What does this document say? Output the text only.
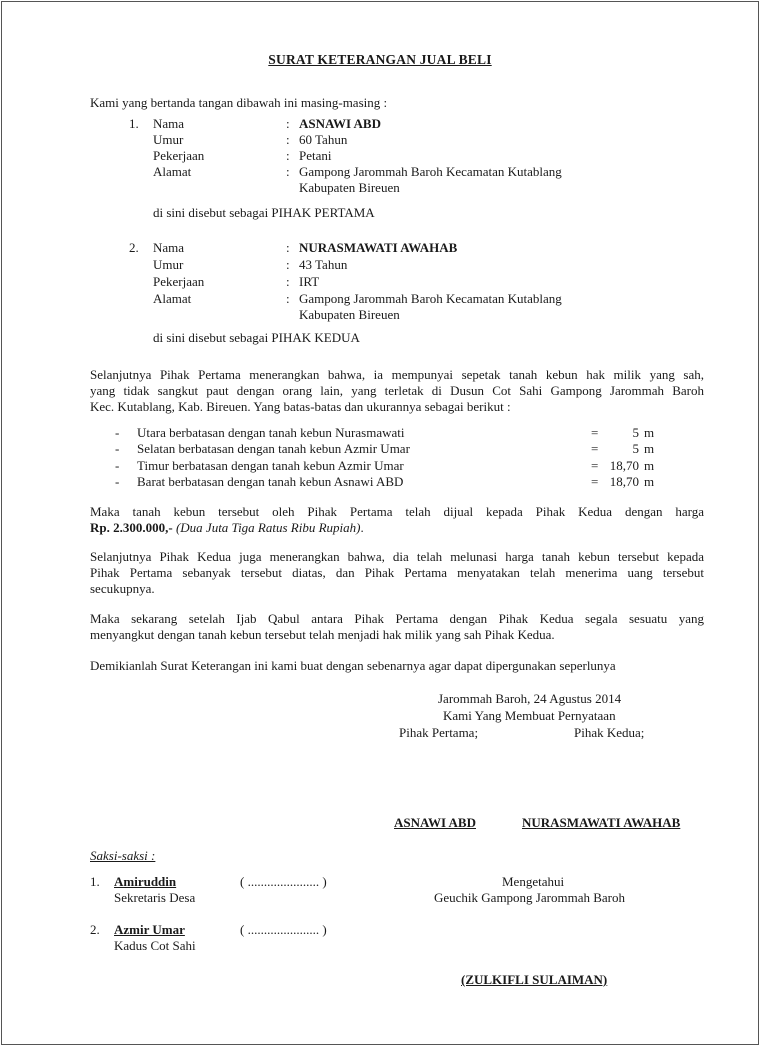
SURAT KETERANGAN JUAL BELI
Kami yang bertanda tangan dibawah ini masing-masing :
1. Nama	: ASNAWI ABD
Umur	: 60 Tahun
Pekerjaan	: Petani
Alamat	: Gampong Jarommah Baroh Kecamatan Kutablang
Kabupaten Bireuen
di sini disebut sebagai PIHAK PERTAMA
2. Nama	: NURASMAWATI AWAHAB
Umur	: 43 Tahun
Pekerjaan	: IRT
Alamat	: Gampong Jarommah Baroh Kecamatan Kutablang
Kabupaten Bireuen
di sini disebut sebagai PIHAK KEDUA
Selanjutnya Pihak Pertama menerangkan bahwa, ia mempunyai sepetak tanah kebun hak milik yang sah,
yang tidak sangkut paut dengan orang lain, yang terletak di Dusun Cot Sahi Gampong Jarommah Baroh
Kec. Kutablang, Kab. Bireuen. Yang batas-batas dan ukurannya sebagai berikut :
- Utara berbatasan dengan tanah kebun Nurasmawati	=	5 m
- Selatan berbatasan dengan tanah kebun Azmir Umar	=	5 m
- Timur berbatasan dengan tanah kebun Azmir Umar	= 18,70 m
- Barat berbatasan dengan tanah kebun Asnawi ABD	= 18,70 m
Maka tanah kebun tersebut oleh Pihak Pertama telah dijual kepada Pihak Kedua dengan harga
Rp. 2.300.000,- (Dua Juta Tiga Ratus Ribu Rupiah).
Selanjutnya Pihak Kedua juga menerangkan bahwa, dia telah melunasi harga tanah kebun tersebut kepada
Pihak Pertama sebanyak tersebut diatas, dan Pihak Pertama menyatakan telah menerima uang tersebut
secukupnya.
Maka sekarang setelah Ijab Qabul antara Pihak Pertama dengan Pihak Kedua segala sesuatu yang
menyangkut dengan tanah kebun tersebut telah menjadi hak milik yang sah Pihak Kedua.
Demikianlah Surat Keterangan ini kami buat dengan sebenarnya agar dapat dipergunakan seperlunya
Jarommah Baroh, 24 Agustus 2014
Kami Yang Membuat Pernyataan
Pihak Pertama;	Pihak Kedua;
ASNAWI ABD	NURASMAWATI AWAHAB
Saksi-saksi :
1. Amiruddin
Sekretaris Desa
( ...................... )
2. Azmir Umar
Kadus Cot Sahi
( ...................... )
Mengetahui
Geuchik Gampong Jarommah Baroh
(ZULKIFLI SULAIMAN)
